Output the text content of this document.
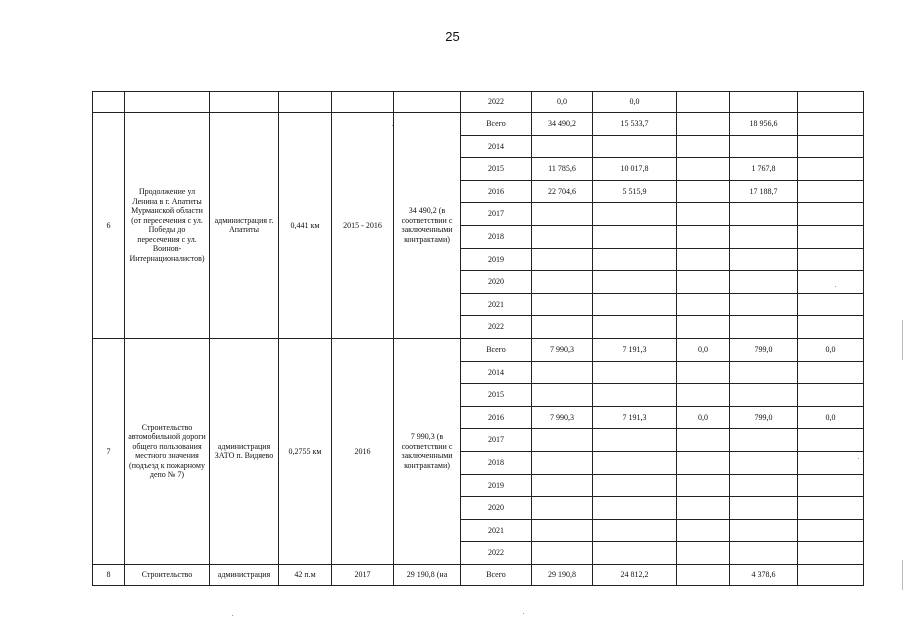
25
						2022	0,0	0,0			
6	Продолжение ул Ленина в г. Апатиты Мурманской области (от пересечения с ул. Победы до пересечения с ул. Воинов-Интернационалистов)	администрация г. Апатиты	0,441 км	2015 - 2016	34 490,2 (в соответствии с заключенными контрактами)	Всего	34 490,2	15 533,7		18 956,6	
						2014					
						2015	11 785,6	10 017,8		1 767,8	
						2016	22 704,6	5 515,9		17 188,7	
						2017					
						2018					
						2019					
						2020					
						2021					
						2022					
7	Строительство автомобильной дороги общего пользования местного значения (подъезд к пожарному депо № 7)	администрация ЗАТО п. Видяево	0,2755 км	2016	7 990,3 (в соответствии с заключенными контрактами)	Всего	7 990,3	7 191,3	0,0	799,0	0,0
						2014					
						2015					
						2016	7 990,3	7 191,3	0,0	799,0	0,0
						2017					
						2018					
						2019					
						2020					
						2021					
						2022					
8	Строительство	администрация	42 п.м	2017	29 190,8 (на	Всего	29 190,8	24 812,2		4 378,6	
